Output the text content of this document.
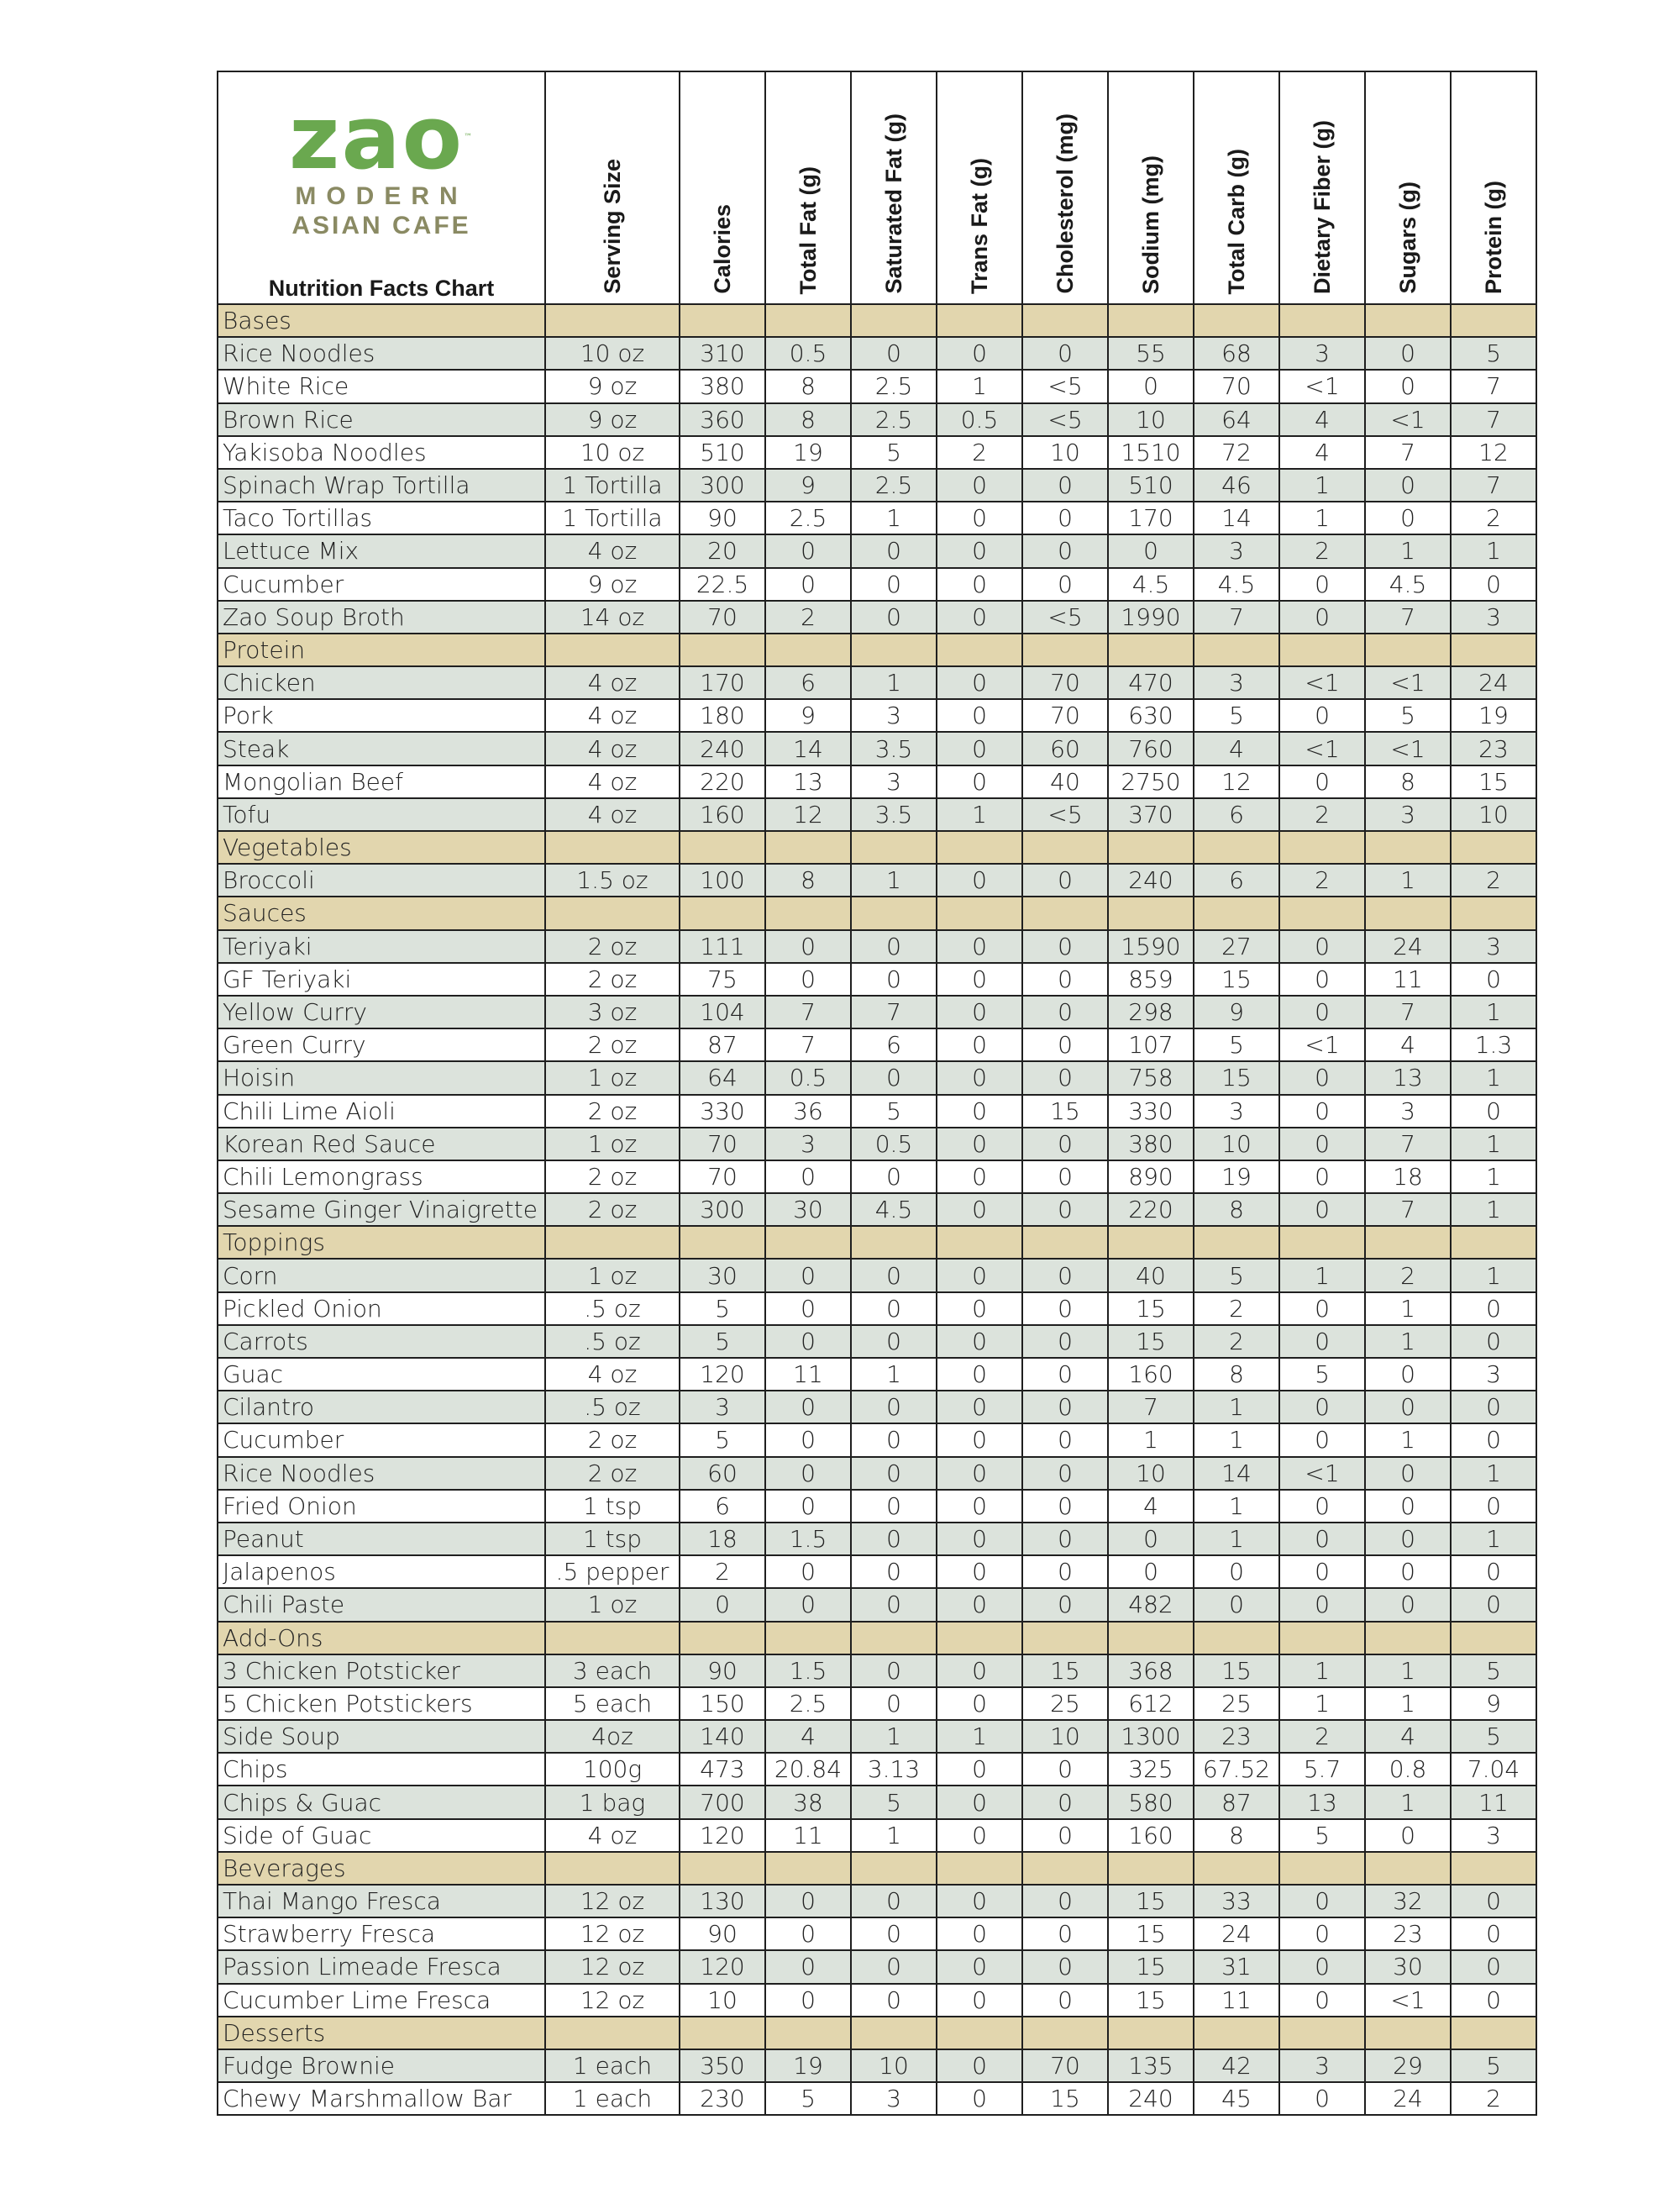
zao™
MODERN
ASIAN CAFE
Nutrition Facts Chart	Serving Size	Calories	Total Fat (g)	Saturated Fat (g)	Trans Fat (g)	Cholesterol (mg)	Sodium (mg)	Total Carb (g)	Dietary Fiber (g)	Sugars (g)	Protein (g)
Bases											
Rice Noodles	10 oz	310	0.5	0	0	0	55	68	3	0	5
White Rice	9 oz	380	8	2.5	1	<5	0	70	<1	0	7
Brown Rice	9 oz	360	8	2.5	0.5	<5	10	64	4	<1	7
Yakisoba Noodles	10 oz	510	19	5	2	10	1510	72	4	7	12
Spinach Wrap Tortilla	1 Tortilla	300	9	2.5	0	0	510	46	1	0	7
Taco Tortillas	1 Tortilla	90	2.5	1	0	0	170	14	1	0	2
Lettuce Mix	4 oz	20	0	0	0	0	0	3	2	1	1
Cucumber	9 oz	22.5	0	0	0	0	4.5	4.5	0	4.5	0
Zao Soup Broth	14 oz	70	2	0	0	<5	1990	7	0	7	3
Protein											
Chicken	4 oz	170	6	1	0	70	470	3	<1	<1	24
Pork	4 oz	180	9	3	0	70	630	5	0	5	19
Steak	4 oz	240	14	3.5	0	60	760	4	<1	<1	23
Mongolian Beef	4 oz	220	13	3	0	40	2750	12	0	8	15
Tofu	4 oz	160	12	3.5	1	<5	370	6	2	3	10
Vegetables											
Broccoli	1.5 oz	100	8	1	0	0	240	6	2	1	2
Sauces											
Teriyaki	2 oz	111	0	0	0	0	1590	27	0	24	3
GF Teriyaki	2 oz	75	0	0	0	0	859	15	0	11	0
Yellow Curry	3 oz	104	7	7	0	0	298	9	0	7	1
Green Curry	2 oz	87	7	6	0	0	107	5	<1	4	1.3
Hoisin	1 oz	64	0.5	0	0	0	758	15	0	13	1
Chili Lime Aioli	2 oz	330	36	5	0	15	330	3	0	3	0
Korean Red Sauce	1 oz	70	3	0.5	0	0	380	10	0	7	1
Chili Lemongrass	2 oz	70	0	0	0	0	890	19	0	18	1
Sesame Ginger Vinaigrette	2 oz	300	30	4.5	0	0	220	8	0	7	1
Toppings											
Corn	1 oz	30	0	0	0	0	40	5	1	2	1
Pickled Onion	.5 oz	5	0	0	0	0	15	2	0	1	0
Carrots	.5 oz	5	0	0	0	0	15	2	0	1	0
Guac	4 oz	120	11	1	0	0	160	8	5	0	3
Cilantro	.5 oz	3	0	0	0	0	7	1	0	0	0
Cucumber	2 oz	5	0	0	0	0	1	1	0	1	0
Rice Noodles	2 oz	60	0	0	0	0	10	14	<1	0	1
Fried Onion	1 tsp	6	0	0	0	0	4	1	0	0	0
Peanut	1 tsp	18	1.5	0	0	0	0	1	0	0	1
Jalapenos	.5 pepper	2	0	0	0	0	0	0	0	0	0
Chili Paste	1 oz	0	0	0	0	0	482	0	0	0	0
Add-Ons											
3 Chicken Potsticker	3 each	90	1.5	0	0	15	368	15	1	1	5
5 Chicken Potstickers	5 each	150	2.5	0	0	25	612	25	1	1	9
Side Soup	4oz	140	4	1	1	10	1300	23	2	4	5
Chips	100g	473	20.84	3.13	0	0	325	67.52	5.7	0.8	7.04
Chips & Guac	1 bag	700	38	5	0	0	580	87	13	1	11
Side of Guac	4 oz	120	11	1	0	0	160	8	5	0	3
Beverages											
Thai Mango Fresca	12 oz	130	0	0	0	0	15	33	0	32	0
Strawberry Fresca	12 oz	90	0	0	0	0	15	24	0	23	0
Passion Limeade Fresca	12 oz	120	0	0	0	0	15	31	0	30	0
Cucumber Lime Fresca	12 oz	10	0	0	0	0	15	11	0	<1	0
Desserts											
Fudge Brownie	1 each	350	19	10	0	70	135	42	3	29	5
Chewy Marshmallow Bar	1 each	230	5	3	0	15	240	45	0	24	2
